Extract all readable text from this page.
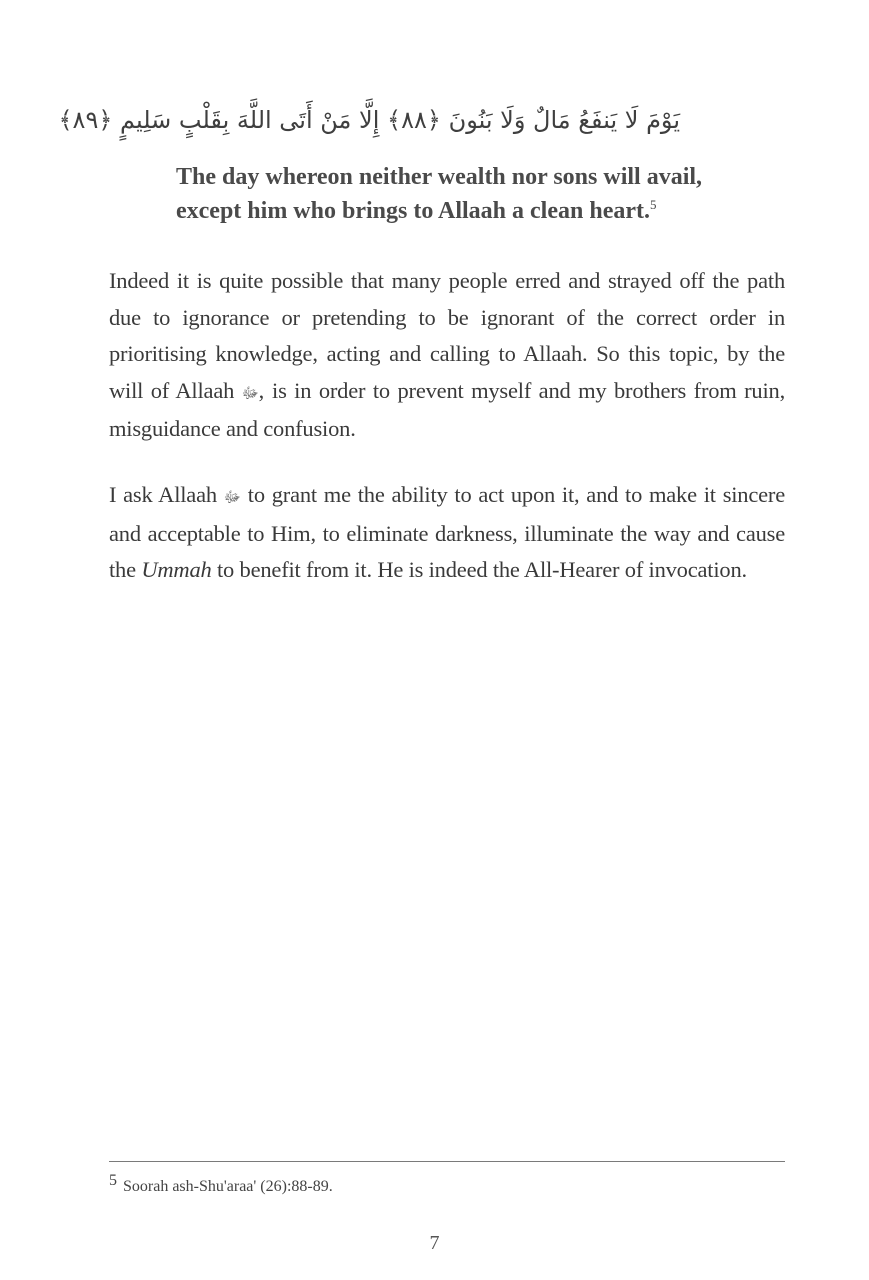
يَوْمَ لَا يَنفَعُ مَالٌ وَلَا بَنُونَ ﴿٨٨﴾ إِلَّا مَنْ أَتَى اللَّهَ بِقَلْبٍ سَلِيمٍ ﴿٨٩﴾
The day whereon neither wealth nor sons will avail,
except him who brings to Allaah a clean heart.$^5$
Indeed it is quite possible that many people erred and strayed off the path due to ignorance or pretending to be ignorant of the correct order in prioritising knowledge, acting and calling to Allaah. So this topic, by the will of Allaah ﷻ, is in order to prevent myself and my brothers from ruin, misguidance and confusion.
I ask Allaah ﷻ to grant me the ability to act upon it, and to make it sincere and acceptable to Him, to eliminate darkness, illuminate the way and cause the Ummah to benefit from it. He is indeed the All-Hearer of invocation.
5 Soorah ash-Shu'araa' (26):88-89.
7
